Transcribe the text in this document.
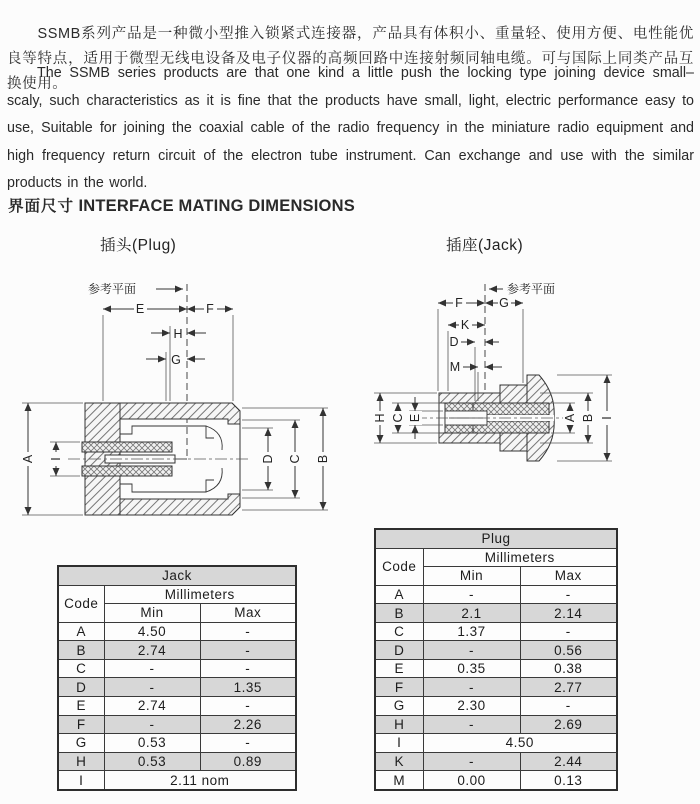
SSMB系列产品是一种微小型推入锁紧式连接器，产品具有体积小、重量轻、使用方便、电性能优良等特点，适用于微型无线电设备及电子仪器的高频回路中连接射频同轴电缆。可与国际上同类产品互换使用。
The SSMB series products are that one kind a little push the locking type joining device small– scaly, such characteristics as it is fine that the products have small, light, electric performance easy to use, Suitable for joining the coaxial cable of the radio frequency in the miniature radio equipment and high frequency return circuit of the electron tube instrument. Can exchange and use with the similar products in the world.
界面尺寸 INTERFACE MATING DIMENSIONS
插头(Plug)	插座(Jack)
参考平面
E	F
H
G
A I	D C B
参考平面
F	G
K
D
M
H C E	A B I
Jack		
Code	Millimeters	
	Min	Max
A	4.50	-
B	2.74	-
C	-	-
D	-	1.35
E	2.74	-
F	-	2.26
G	0.53	-
H	0.53	0.89
I	2.11 nom	
Plug		
Code	Millimeters	
	Min	Max
A	-	-
B	2.1	2.14
C	1.37	-
D	-	0.56
E	0.35	0.38
F	-	2.77
G	2.30	-
H	-	2.69
I	4.50	
K	-	2.44
M	0.00	0.13
